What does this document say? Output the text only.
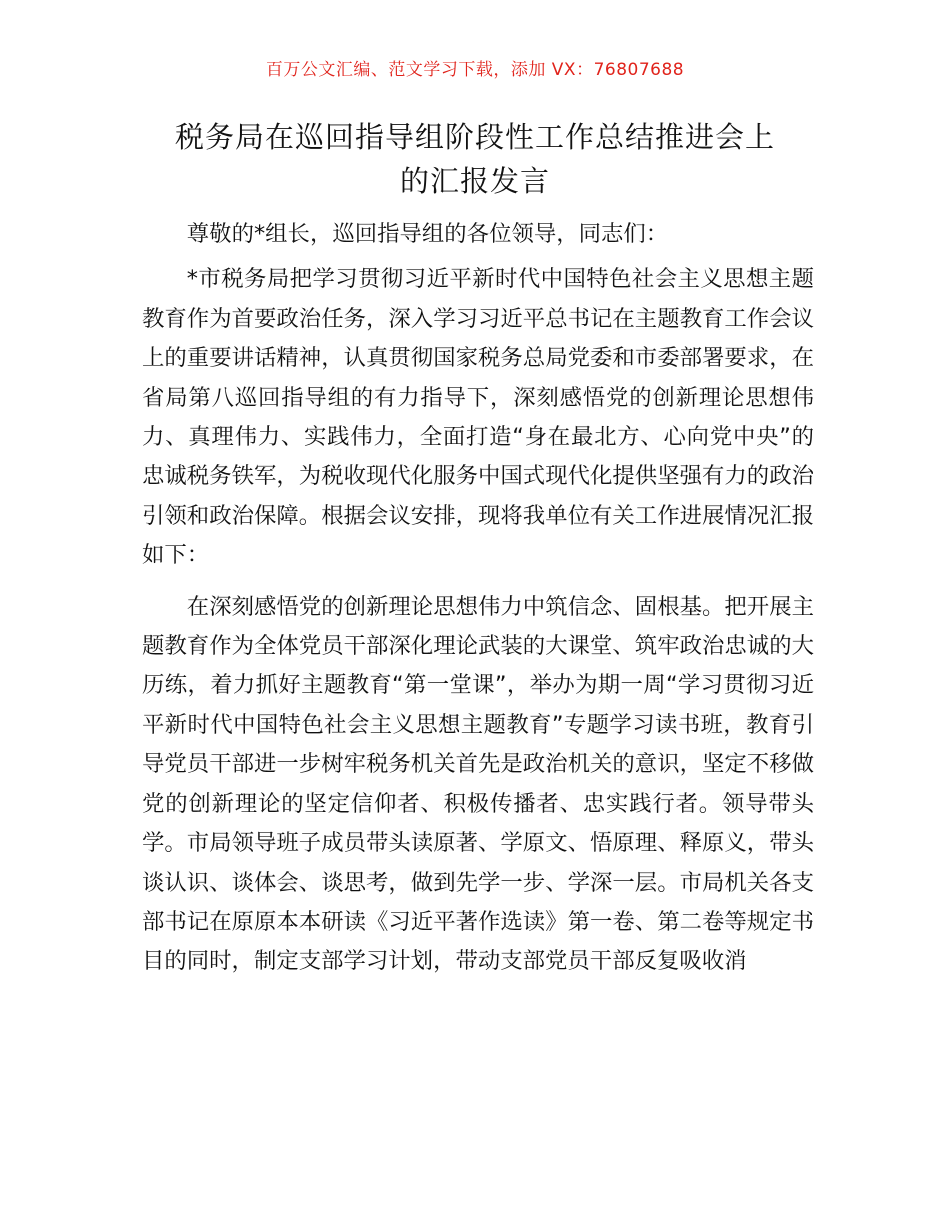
百万公文汇编、范文学习下载，添加 VX：76807688
税务局在巡回指导组阶段性工作总结推进会上
的汇报发言

尊敬的*组长，巡回指导组的各位领导，同志们：

*市税务局把学习贯彻习近平新时代中国特色社会主义思想主题教育作为首要政治任务，深入学习习近平总书记在主题教育工作会议上的重要讲话精神，认真贯彻国家税务总局党委和市委部署要求，在省局第八巡回指导组的有力指导下，深刻感悟党的创新理论思想伟力、真理伟力、实践伟力，全面打造“身在最北方、心向党中央”的忠诚税务铁军，为税收现代化服务中国式现代化提供坚强有力的政治引领和政治保障。根据会议安排，现将我单位有关工作进展情况汇报如下：

在深刻感悟党的创新理论思想伟力中筑信念、固根基。把开展主题教育作为全体党员干部深化理论武装的大课堂、筑牢政治忠诚的大历练，着力抓好主题教育“第一堂课”，举办为期一周“学习贯彻习近平新时代中国特色社会主义思想主题教育”专题学习读书班，教育引导党员干部进一步树牢税务机关首先是政治机关的意识，坚定不移做党的创新理论的坚定信仰者、积极传播者、忠实践行者。领导带头学。市局领导班子成员带头读原著、学原文、悟原理、释原义，带头谈认识、谈体会、谈思考，做到先学一步、学深一层。市局机关各支部书记在原原本本研读《习近平著作选读》第一卷、第二卷等规定书目的同时，制定支部学习计划，带动支部党员干部反复吸收消
